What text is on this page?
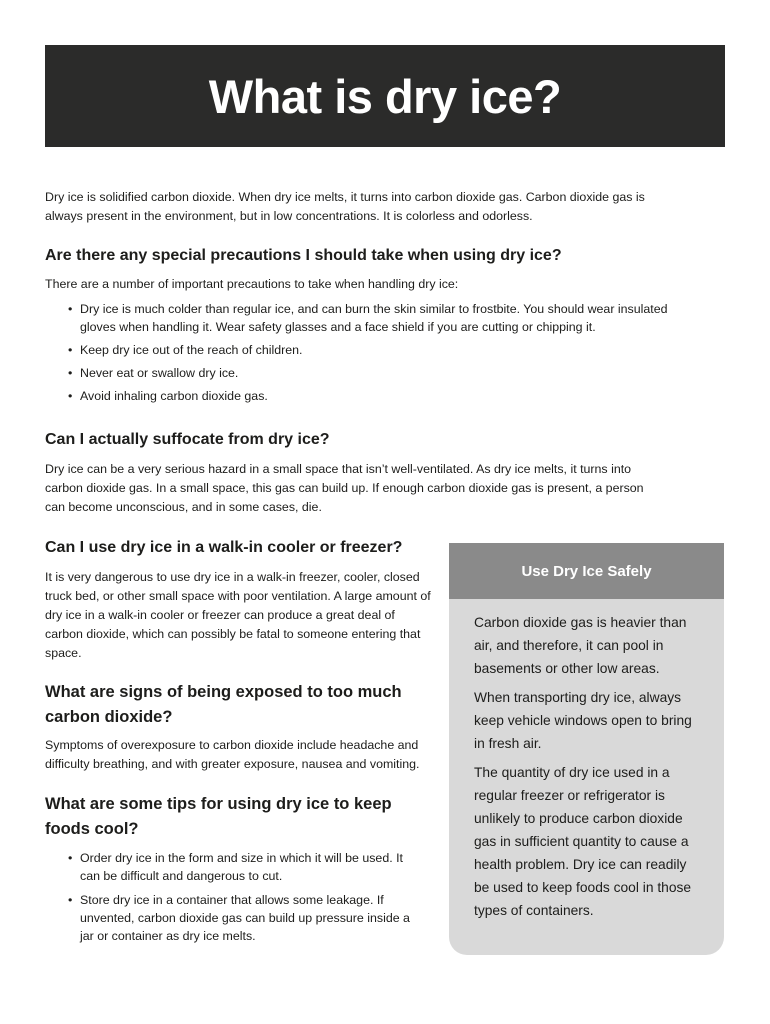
What is dry ice?

Dry ice is solidified carbon dioxide. When dry ice melts, it turns into carbon dioxide gas. Carbon dioxide gas is always present in the environment, but in low concentrations. It is colorless and odorless.

Are there any special precautions I should take when using dry ice?

There are a number of important precautions to take when handling dry ice:

• Dry ice is much colder than regular ice, and can burn the skin similar to frostbite. You should wear insulated gloves when handling it. Wear safety glasses and a face shield if you are cutting or chipping it.
• Keep dry ice out of the reach of children.
• Never eat or swallow dry ice.
• Avoid inhaling carbon dioxide gas.
Can I actually suffocate from dry ice?

Dry ice can be a very serious hazard in a small space that isn’t well-ventilated. As dry ice melts, it turns into carbon dioxide gas. In a small space, this gas can build up. If enough carbon dioxide gas is present, a person can become unconscious, and in some cases, die.

Can I use dry ice in a walk-in cooler or freezer?

It is very dangerous to use dry ice in a walk-in freezer, cooler, closed truck bed, or other small space with poor ventilation. A large amount of dry ice in a walk-in cooler or freezer can produce a great deal of carbon dioxide, which can possibly be fatal to someone entering that space.

What are signs of being exposed to too much carbon dioxide?

Symptoms of overexposure to carbon dioxide include headache and difficulty breathing, and with greater exposure, nausea and vomiting.

What are some tips for using dry ice to keep foods cool?
• Order dry ice in the form and size in which it will be used. It can be difficult and dangerous to cut.
• Store dry ice in a container that allows some leakage. If unvented, carbon dioxide gas can build up pressure inside a jar or container as dry ice melts.
Use Dry Ice Safely

Carbon dioxide gas is heavier than air, and therefore, it can pool in basements or other low areas.

When transporting dry ice, always keep vehicle windows open to bring in fresh air.

The quantity of dry ice used in a regular freezer or refrigerator is unlikely to produce carbon dioxide gas in sufficient quantity to cause a health problem. Dry ice can readily be used to keep foods cool in those types of containers.
